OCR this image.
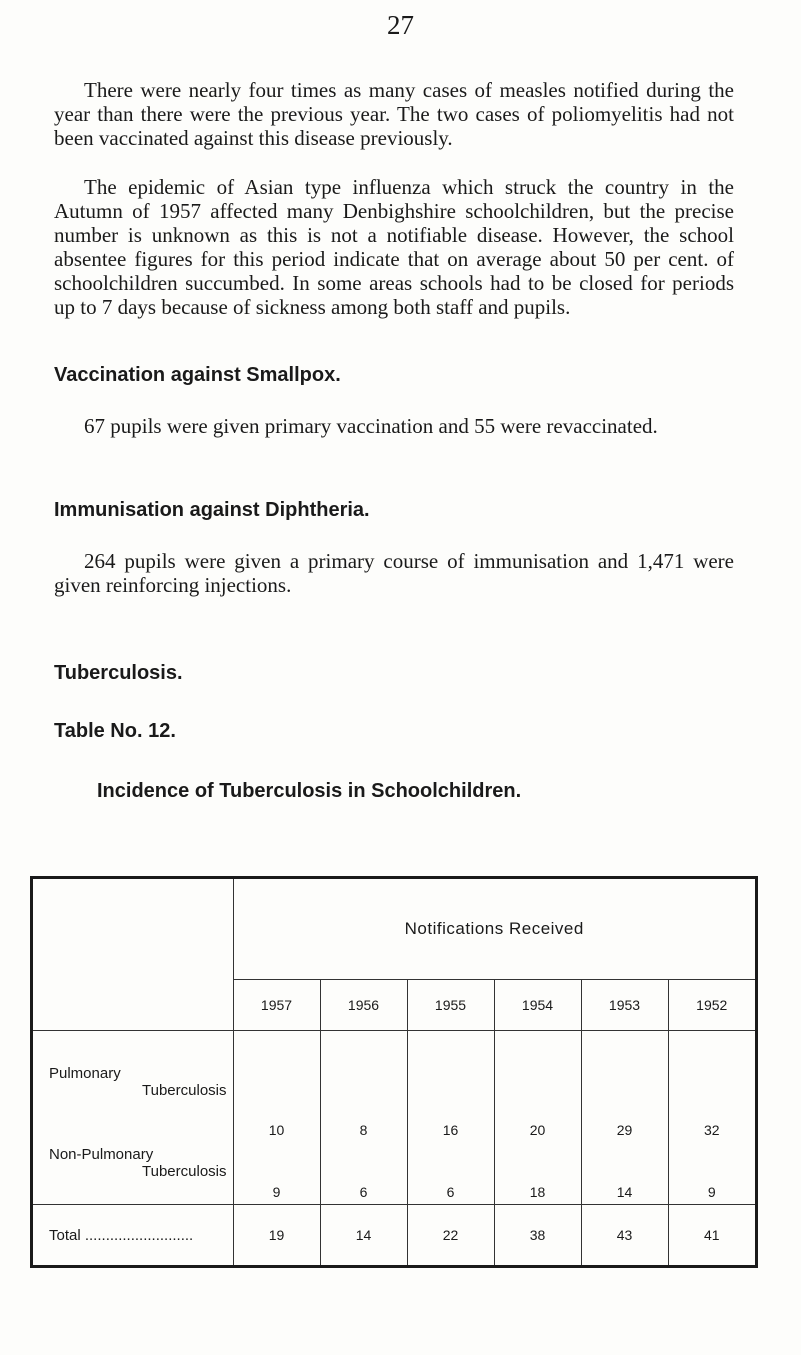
27

There were nearly four times as many cases of measles notified during the year than there were the previous year. The two cases of poliomyelitis had not been vaccinated against this disease previously.

The epidemic of Asian type influenza which struck the country in the Autumn of 1957 affected many Denbighshire schoolchildren, but the precise number is unknown as this is not a notifiable disease. However, the school absentee figures for this period indicate that on average about 50 per cent. of schoolchildren succumbed. In some areas schools had to be closed for periods up to 7 days because of sickness among both staff and pupils.

Vaccination against Smallpox.

67 pupils were given primary vaccination and 55 were revaccinated.

Immunisation against Diphtheria.

264 pupils were given a primary course of immunisation and 1,471 were given reinforcing injections.

Tuberculosis.
Table No. 12.
Incidence of Tuberculosis in Schoolchildren.
	Notifications Received					
	1957	1956	1955	1954	1953	1952
Pulmonary
Tuberculosis	10	8	16	20	29	32
Non-Pulmonary
Tuberculosis	9	6	6	18	14	9
Total ..........................	19	14	22	38	43	41
